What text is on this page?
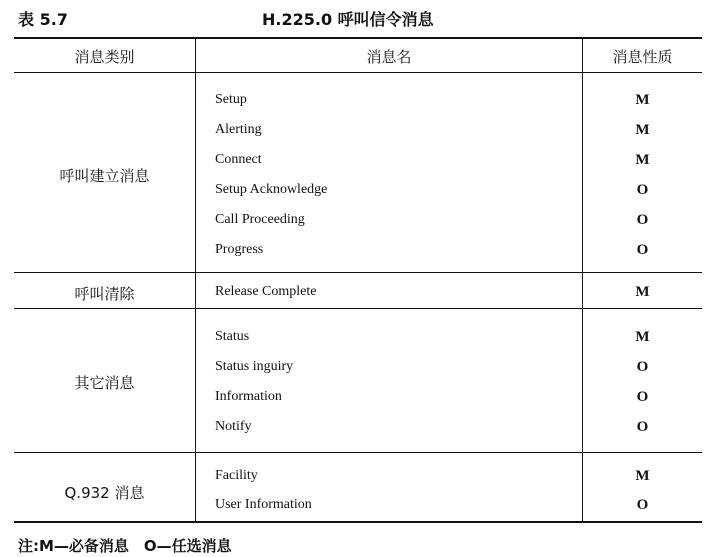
表 5.7	H.225.0 呼叫信令消息
消息类别	消息名	消息性质
呼叫建立消息
Setup	M
Alerting	M
Connect	M
Setup Acknowledge	O
Call Proceeding	O
Progress	O
呼叫清除	Release Complete	M
其它消息
Status	M
Status inguiry	O
Information	O
Notify	O
Q.932 消息
Facility	M
User Information	O
注:M—必备消息　O—任选消息
